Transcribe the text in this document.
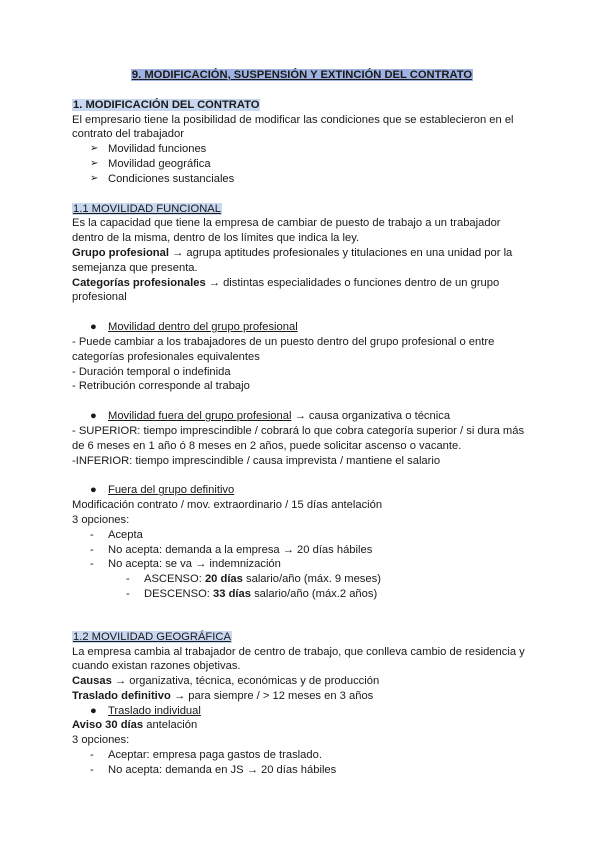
9. MODIFICACIÓN, SUSPENSIÓN Y EXTINCIÓN DEL CONTRATO

1. MODIFICACIÓN DEL CONTRATO

El empresario tiene la posibilidad de modificar las condiciones que se establecieron en el contrato del trabajador

➢ Movilidad funciones
➢ Movilidad geográfica
➢ Condiciones sustanciales

1.1 MOVILIDAD FUNCIONAL

Es la capacidad que tiene la empresa de cambiar de puesto de trabajo a un trabajador dentro de la misma, dentro de los límites que indica la ley.

Grupo profesional → agrupa aptitudes profesionales y titulaciones en una unidad por la semejanza que presenta.

Categorías profesionales → distintas especialidades o funciones dentro de un grupo profesional

● Movilidad dentro del grupo profesional

- Puede cambiar a los trabajadores de un puesto dentro del grupo profesional o entre categorías profesionales equivalentes

- Duración temporal o indefinida

- Retribución corresponde al trabajo

● Movilidad fuera del grupo profesional → causa organizativa o técnica

- SUPERIOR: tiempo imprescindible / cobrará lo que cobra categoría superior / si dura más de 6 meses en 1 año ó 8 meses en 2 años, puede solicitar ascenso o vacante.

-INFERIOR: tiempo imprescindible / causa imprevista / mantiene el salario

● Fuera del grupo definitivo

Modificación contrato / mov. extraordinario / 15 días antelación

3 opciones:

- Acepta
- No acepta: demanda a la empresa → 20 días hábiles
- No acepta: se va → indemnización
- ASCENSO: 20 días salario/año (máx. 9 meses)
- DESCENSO: 33 días salario/año (máx.2 años)

1.2 MOVILIDAD GEOGRÁFICA

La empresa cambia al trabajador de centro de trabajo, que conlleva cambio de residencia y cuando existan razones objetivas.

Causas → organizativa, técnica, económicas y de producción

Traslado definitivo → para siempre / > 12 meses en 3 años

● Traslado individual

Aviso 30 días antelación

3 opciones:

- Aceptar: empresa paga gastos de traslado.
- No acepta: demanda en JS → 20 días hábiles
